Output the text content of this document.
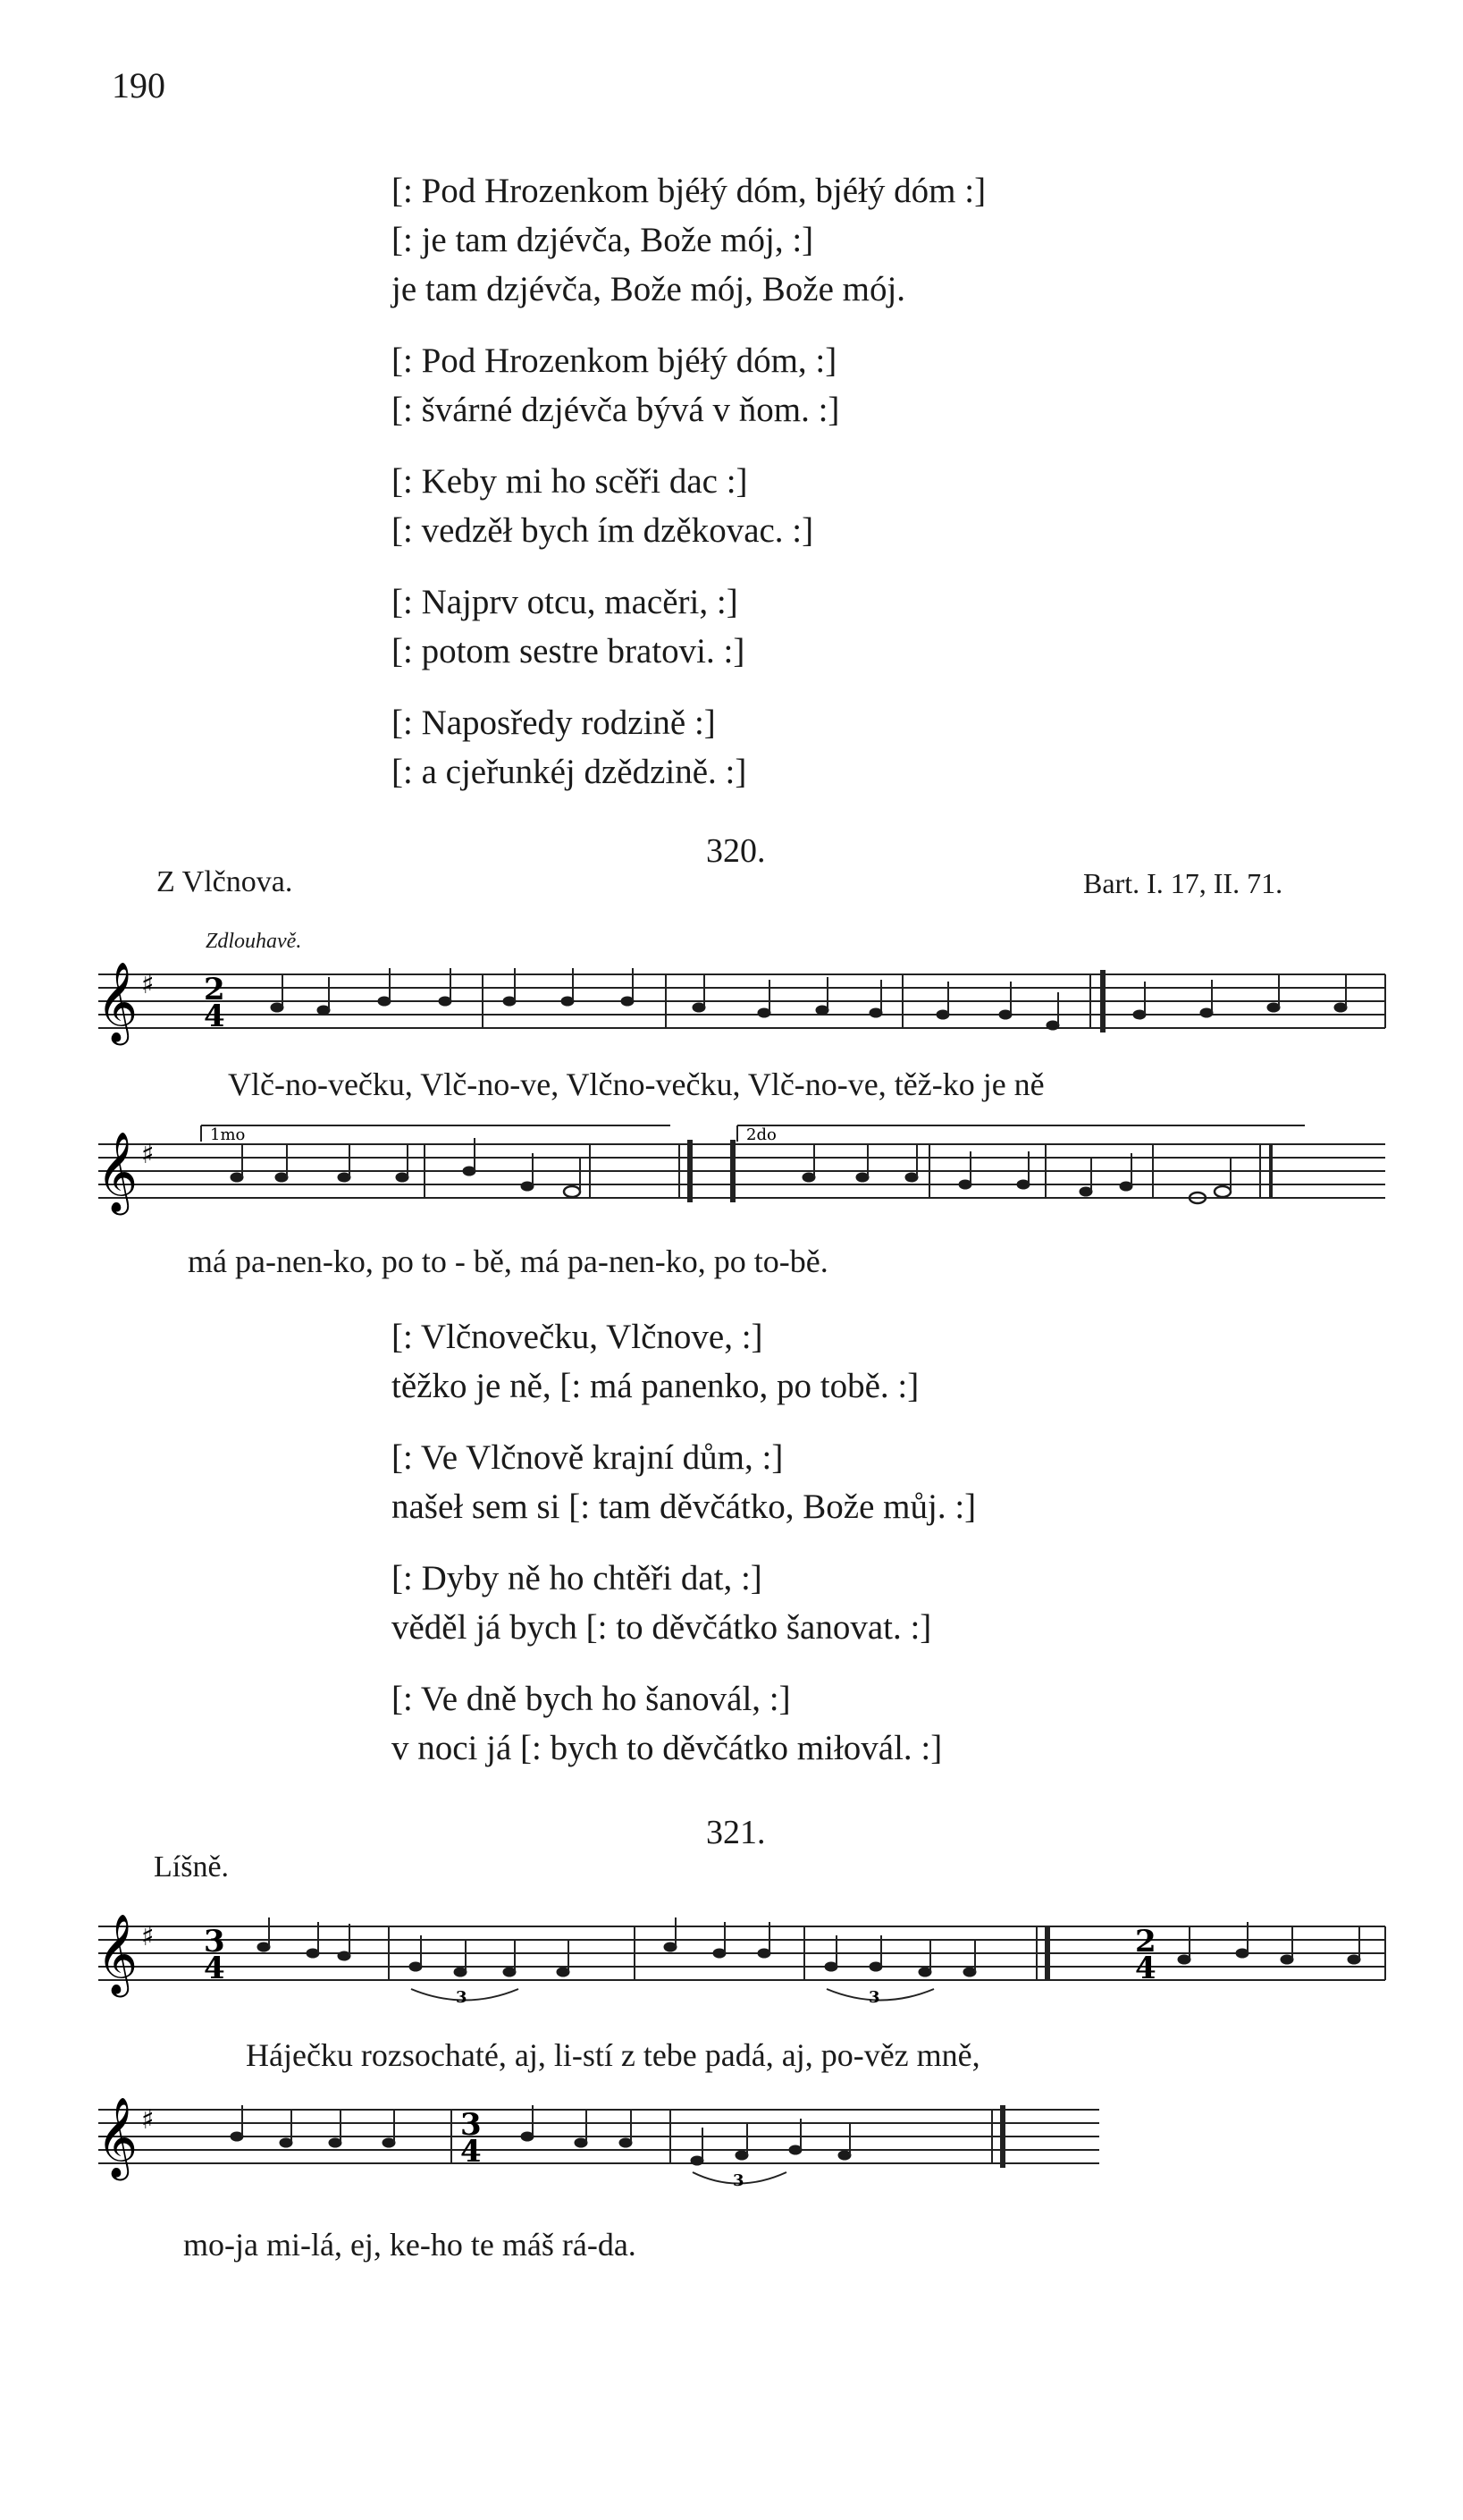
190

[: Pod Hrozenkom bjéłý dóm, bjéłý dóm :]

[: je tam dzjévča, Bože mój, :]

je tam dzjévča, Bože mój, Bože mój.

[: Pod Hrozenkom bjéłý dóm, :]

[: švárné dzjévča bývá v ňom. :]

[: Keby mi ho scěři dac :]

[: vedzěł bych ím dzěkovac. :]

[: Najprv otcu, macěri, :]

[: potom sestre bratovi. :]

[: Naposředy rodzině :]

[: a cjeřunkéj dzědzině. :]

320.
Z Vlčnova.	Bart. I. 17, II. 71.
Zdlouhavě.
𝄞 ♯ 2
4
Vlč-no-večku, Vlč-no-ve, Vlčno-večku, Vlč-no-ve, těž-ko je ně
𝄞 ♯
1mo	2do
má pa-nen-ko, po to - bě, má pa-nen-ko, po to-bě.

[: Vlčnovečku, Vlčnove, :]

těžko je ně, [: má panenko, po tobě. :]

[: Ve Vlčnově krajní dům, :]

našeł sem si [: tam děvčátko, Bože můj. :]

[: Dyby ně ho chtěři dat, :]

věděl já bych [: to děvčátko šanovat. :]

[: Ve dně bych ho šanovál, :]

v noci já [: bych to děvčátko miłovál. :]

321.
Líšně.
𝄞 ♯ 3
4
2
4
3	3
Háječku rozsochaté, aj, li-stí z tebe padá, aj, po-věz mně,
𝄞 ♯	3
4
3
mo-ja mi-lá, ej, ke-ho te máš rá-da.
